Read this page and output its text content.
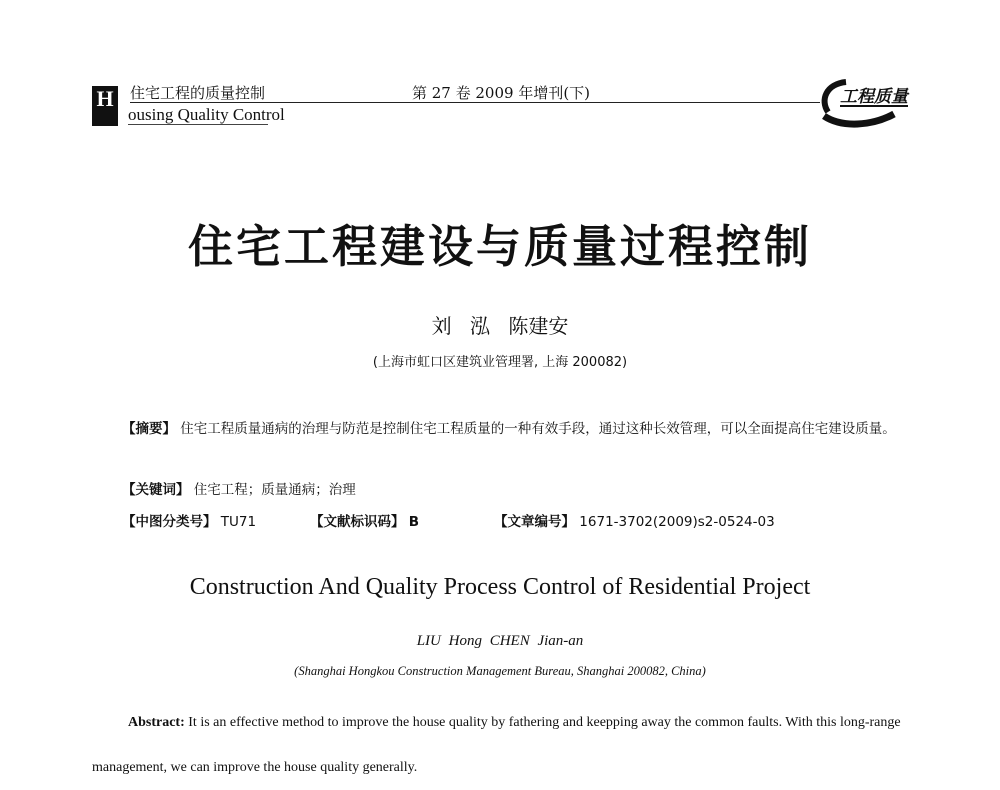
H 住宅工程的质量控制
ousing Quality Control
第 27 卷 2009 年增刊(下)	工程质量
住宅工程建设与质量过程控制
刘 泓 陈建安
(上海市虹口区建筑业管理署, 上海 200082)
【摘要】 住宅工程质量通病的治理与防范是控制住宅工程质量的一种有效手段，通过这种长效管理，可以全面提高住宅建设质量。
【关键词】 住宅工程；质量通病；治理
【中图分类号】 TU71	【文献标识码】 B	【文章编号】 1671-3702(2009)s2-0524-03
Construction And Quality Process Control of Residential Project
LIU Hong CHEN Jian-an
(Shanghai Hongkou Construction Management Bureau, Shanghai 200082, China)
Abstract: It is an effective method to improve the house quality by fathering and keepping away the common faults. With this long-range management, we can improve the house quality generally.
